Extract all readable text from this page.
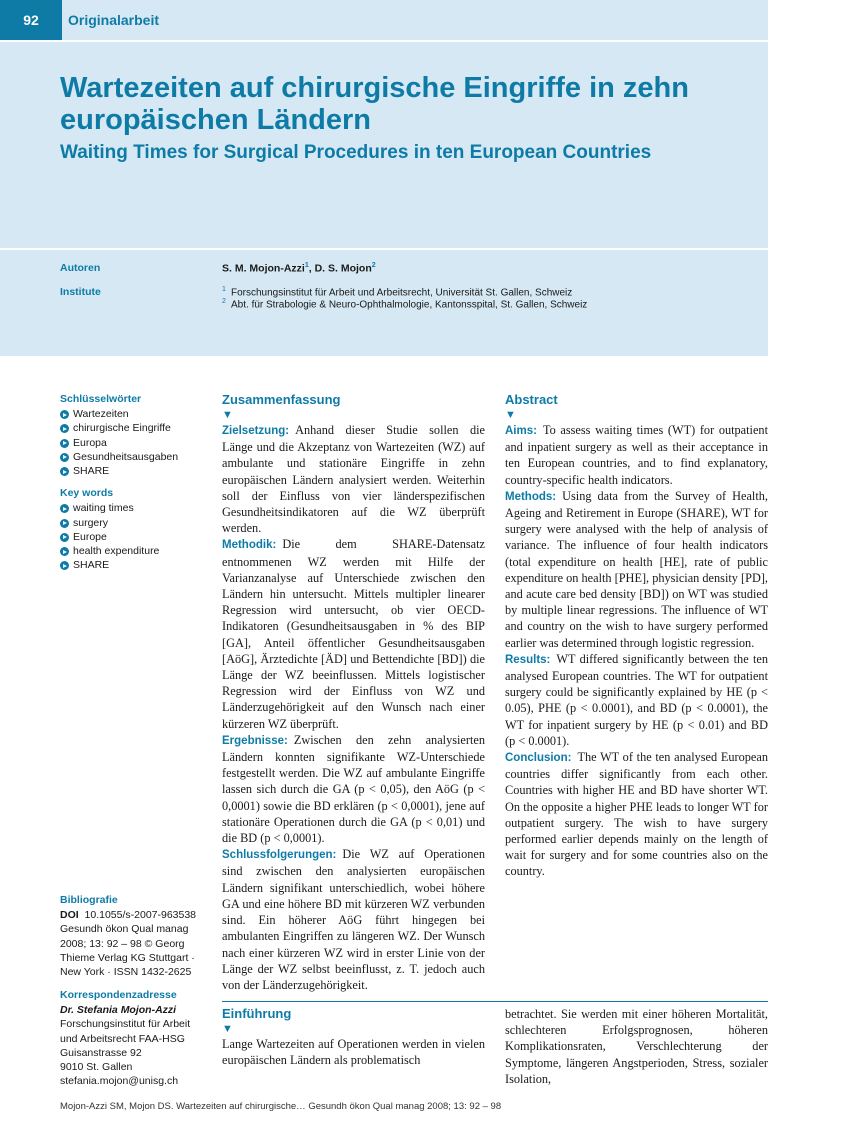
92	Originalarbeit
Wartezeiten auf chirurgische Eingriffe in zehn europäischen Ländern
Waiting Times for Surgical Procedures in ten European Countries
Autoren	S. M. Mojon-Azzi$^1$, D. S. Mojon$^2$
Institute	$^1$ Forschungsinstitut für Arbeit und Arbeitsrecht, Universität St. Gallen, Schweiz
$^2$ Abt. für Strabologie & Neuro-Ophthalmologie, Kantonsspital, St. Gallen, Schweiz
Schlüsselwörter
Wartezeiten
chirurgische Eingriffe
Europa
Gesundheitsausgaben
SHARE
Key words
waiting times
surgery
Europe
health expenditure
SHARE
Bibliografie
DOI 10.1055/s-2007-963538
Gesundh ökon Qual manag
2008; 13: 92 – 98 © Georg
Thieme Verlag KG Stuttgart ·
New York · ISSN 1432-2625
Korrespondenzadresse
Dr. Stefania Mojon-Azzi
Forschungsinstitut für Arbeit
und Arbeitsrecht FAA-HSG
Guisanstrasse 92
9010 St. Gallen
stefania.mojon@unisg.ch
Zusammenfassung
▼

Zielsetzung: Anhand dieser Studie sollen die Länge und die Akzeptanz von Wartezeiten (WZ) auf ambulante und stationäre Eingriffe in zehn europäischen Ländern analysiert werden. Weiterhin soll der Einfluss von vier länderspezifischen Gesundheitsindikatoren auf die WZ überprüft werden.

Methodik: Die dem SHARE-Datensatz entnommenen WZ werden mit Hilfe der Varianzanalyse auf Unterschiede zwischen den Ländern hin untersucht. Mittels multipler linearer Regression wird untersucht, ob vier OECD-Indikatoren (Gesundheitsausgaben in % des BIP [GA], Anteil öffentlicher Gesundheitsausgaben [AöG], Ärztedichte [ÄD] und Bettendichte [BD]) die Länge der WZ beeinflussen. Mittels logistischer Regression wird der Einfluss von WZ und Länderzugehörigkeit auf den Wunsch nach einer kürzeren WZ überprüft.

Ergebnisse: Zwischen den zehn analysierten Ländern konnten signifikante WZ-Unterschiede festgestellt werden. Die WZ auf ambulante Eingriffe lassen sich durch die GA (p < 0,05), den AöG (p < 0,0001) sowie die BD erklären (p < 0,0001), jene auf stationäre Operationen durch die GA (p < 0,01) und die BD (p < 0,0001).

Schlussfolgerungen: Die WZ auf Operationen sind zwischen den analysierten europäischen Ländern signifikant unterschiedlich, wobei höhere GA und eine höhere BD mit kürzeren WZ verbunden sind. Ein höherer AöG führt hingegen bei ambulanten Eingriffen zu längeren WZ. Der Wunsch nach einer kürzeren WZ wird in erster Linie von der Länge der WZ selbst beeinflusst, z. T. jedoch auch von der Länderzugehörigkeit.

Abstract
▼

Aims: To assess waiting times (WT) for outpatient and inpatient surgery as well as their acceptance in ten European countries, and to find explanatory, country-specific health indicators.

Methods: Using data from the Survey of Health, Ageing and Retirement in Europe (SHARE), WT for surgery were analysed with the help of analysis of variance. The influence of four health indicators (total expenditure on health [HE], rate of public expenditure on health [PHE], physician density [PD], and acute care bed density [BD]) on WT was studied by multiple linear regressions. The influence of WT and country on the wish to have surgery performed earlier was determined through logistic regression.

Results: WT differed significantly between the ten analysed European countries. The WT for outpatient surgery could be significantly explained by HE (p < 0.05), PHE (p < 0.0001), and BD (p < 0.0001), the WT for inpatient surgery by HE (p < 0.01) and BD (p < 0.0001).

Conclusion: The WT of the ten analysed European countries differ significantly from each other. Countries with higher HE and BD have shorter WT. On the opposite a higher PHE leads to longer WT for outpatient surgery. The wish to have surgery performed earlier depends mainly on the length of wait for surgery and for some countries also on the country.

Einführung
▼

Lange Wartezeiten auf Operationen werden in vielen europäischen Ländern als problematisch

betrachtet. Sie werden mit einer höheren Mortalität, schlechteren Erfolgsprognosen, höheren Komplikationsraten, Verschlechterung der Symptome, längeren Angstperioden, Stress, sozialer Isolation,

Mojon-Azzi SM, Mojon DS. Wartezeiten auf chirurgische… Gesundh ökon Qual manag 2008; 13: 92 – 98
